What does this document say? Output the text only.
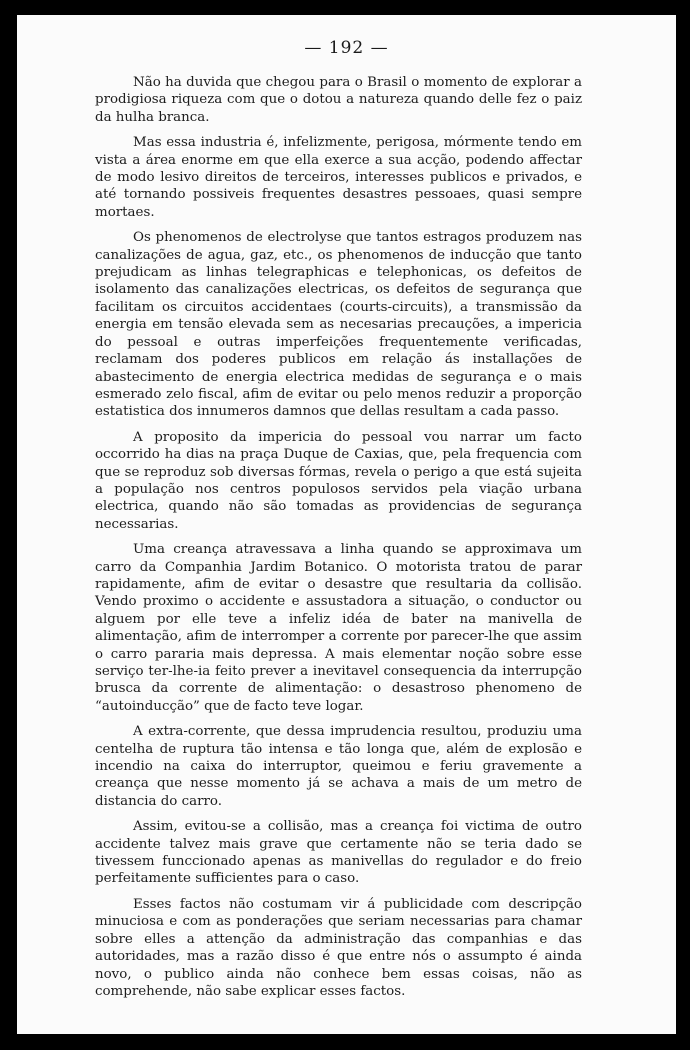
— 192 —

Não ha duvida que chegou para o Brasil o momento de explorar a prodigiosa riqueza com que o dotou a natureza quando delle fez o paiz da hulha branca.

Mas essa industria é, infelizmente, perigosa, mórmente tendo em vista a área enorme em que ella exerce a sua acção, podendo affectar de modo lesivo direitos de terceiros, interesses publicos e privados, e até tornando possiveis frequentes desastres pessoaes, quasi sempre mortaes.

Os phenomenos de electrolyse que tantos estragos produzem nas canalizações de agua, gaz, etc., os phenomenos de inducção que tanto prejudicam as linhas telegraphicas e telephonicas, os defeitos de isolamento das canalizações electricas, os defeitos de segurança que facilitam os circuitos accidentaes (courts-circuits), a transmissão da energia em tensão elevada sem as necesarias precauções, a impericia do pessoal e outras imperfeições frequentemente verificadas, reclamam dos poderes publicos em relação ás installações de abastecimento de energia electrica medidas de segurança e o mais esmerado zelo fiscal, afim de evitar ou pelo menos reduzir a proporção estatistica dos innumeros damnos que dellas resultam a cada passo.

A proposito da impericia do pessoal vou narrar um facto occorrido ha dias na praça Duque de Caxias, que, pela frequencia com que se reproduz sob diversas fórmas, revela o perigo a que está sujeita a população nos centros populosos servidos pela viação urbana electrica, quando não são tomadas as providencias de segurança necessarias.

Uma creança atravessava a linha quando se approximava um carro da Companhia Jardim Botanico. O motorista tratou de parar rapidamente, afim de evitar o desastre que resultaria da collisão. Vendo proximo o accidente e assustadora a situação, o conductor ou alguem por elle teve a infeliz idéa de bater na manivella de alimentação, afim de interromper a corrente por parecer-lhe que assim o carro pararia mais depressa. A mais elementar noção sobre esse serviço ter-lhe-ia feito prever a inevitavel consequencia da interrupção brusca da corrente de alimentação: o desastroso phenomeno de “autoinducção” que de facto teve logar.

A extra-corrente, que dessa imprudencia resultou, produziu uma centelha de ruptura tão intensa e tão longa que, além de explosão e incendio na caixa do interruptor, queimou e feriu gravemente a creança que nesse momento já se achava a mais de um metro de distancia do carro.

Assim, evitou-se a collisão, mas a creança foi victima de outro accidente talvez mais grave que certamente não se teria dado se tivessem funccionado apenas as manivellas do regulador e do freio perfeitamente sufficientes para o caso.

Esses factos não costumam vir á publicidade com descripção minuciosa e com as ponderações que seriam necessarias para chamar sobre elles a attenção da administração das companhias e das autoridades, mas a razão disso é que entre nós o assumpto é ainda novo, o publico ainda não conhece bem essas coisas, não as comprehende, não sabe explicar esses factos.
